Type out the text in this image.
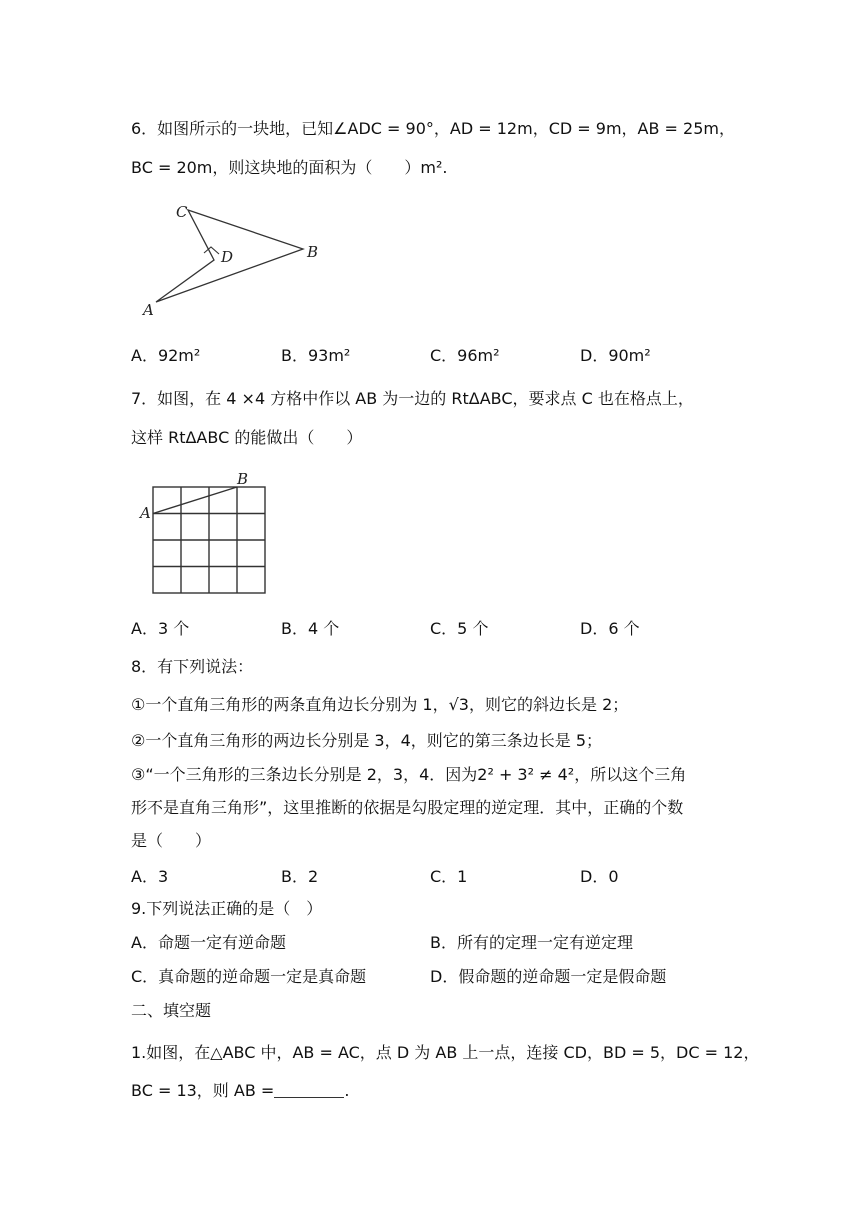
6．如图所示的一块地，已知∠ADC = 90°，AD = 12m，CD = 9m，AB = 25m，
BC = 20m，则这块地的面积为（　　）m².
C
D	B
A
A．92m²	B．93m²	C．96m²	D．90m²
7．如图，在 4 ×4 方格中作以 AB 为一边的 RtΔABC，要求点 C 也在格点上，
这样 RtΔABC 的能做出（　　）
A
B
A．3 个	B．4 个	C．5 个	D．6 个
8．有下列说法：
①一个直角三角形的两条直角边长分别为 1，√3，则它的斜边长是 2；
②一个直角三角形的两边长分别是 3，4，则它的第三条边长是 5；
③“一个三角形的三条边长分别是 2，3，4．因为2² + 3² ≠ 4²，所以这个三角
形不是直角三角形”，这里推断的依据是勾股定理的逆定理．其中，正确的个数
是（　　）
A．3	B．2	C．1	D．0
9.下列说法正确的是（　）
A．命题一定有逆命题	B．所有的定理一定有逆定理
C．真命题的逆命题一定是真命题	D．假命题的逆命题一定是假命题
二、填空题
1.如图，在△ABC 中，AB = AC，点 D 为 AB 上一点，连接 CD，BD = 5，DC = 12，
BC = 13，则 AB =	.
